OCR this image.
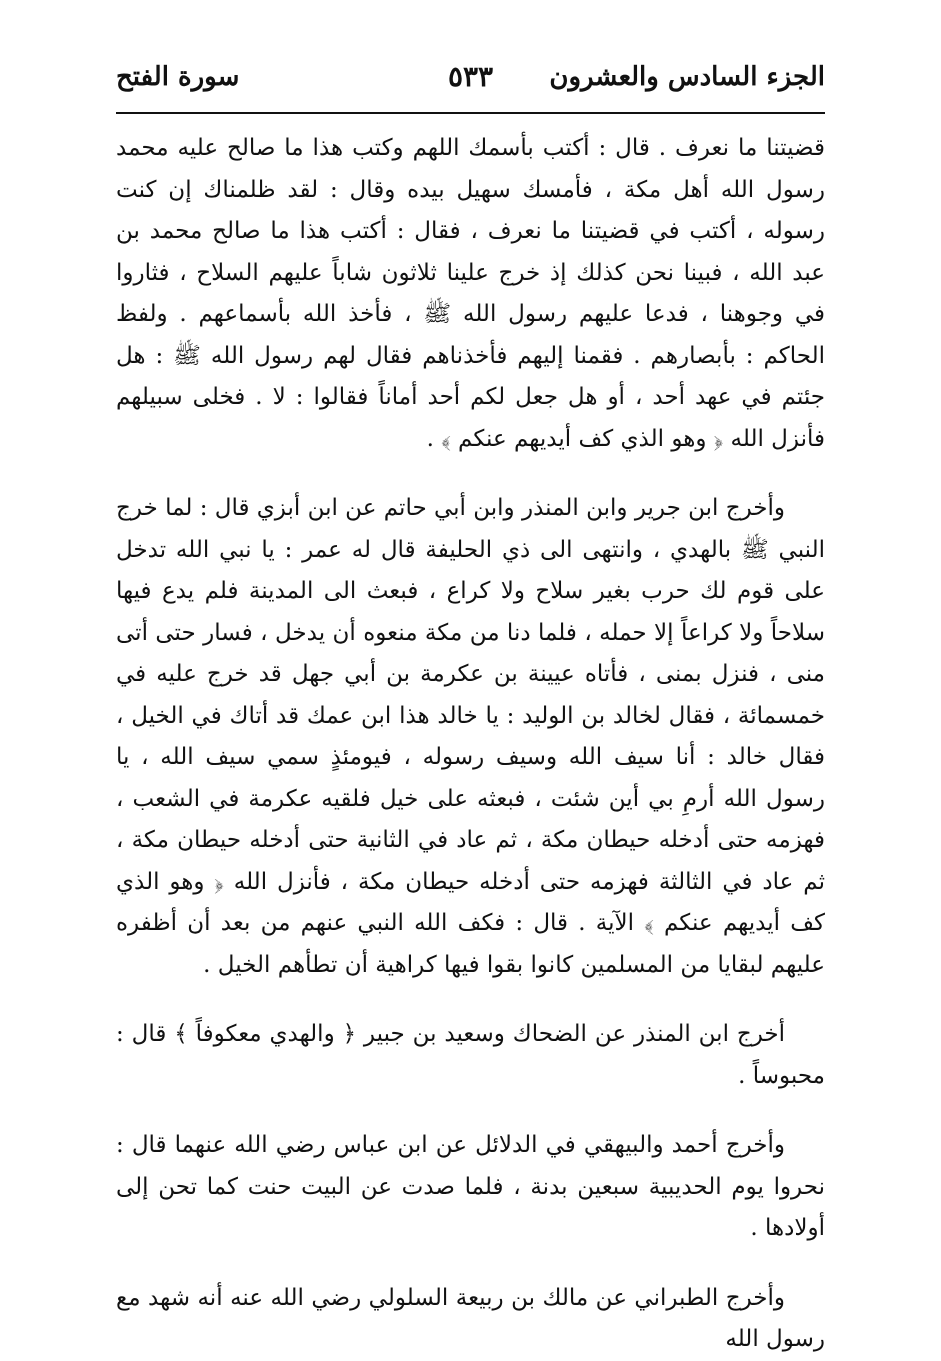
الجزء السادس والعشرون
٥٣٣
سورة الفتح

قضيتنا ما نعرف . قال : أكتب بأسمك اللهم وكتب هذا ما صالح عليه محمد رسول الله أهل مكة ، فأمسك سهيل بيده وقال : لقد ظلمناك إن كنت رسوله ، أكتب في قضيتنا ما نعرف ، فقال : أكتب هذا ما صالح محمد بن عبد الله ، فبينا نحن كذلك إذ خرج علينا ثلاثون شاباً عليهم السلاح ، فثاروا في وجوهنا ، فدعا عليهم رسول الله ﷺ ، فأخذ الله بأسماعهم . ولفظ الحاكم : بأبصارهم . فقمنا إليهم فأخذناهم فقال لهم رسول الله ﷺ : هل جئتم في عهد أحد ، أو هل جعل لكم أحد أماناً فقالوا : لا . فخلى سبيلهم فأنزل الله ﴿ وهو الذي كف أيديهم عنكم ﴾ .

وأخرج ابن جرير وابن المنذر وابن أبي حاتم عن ابن أبزي قال : لما خرج النبي ﷺ بالهدي ، وانتهى الى ذي الحليفة قال له عمر : يا نبي الله تدخل على قوم لك حرب بغير سلاح ولا كراع ، فبعث الى المدينة فلم يدع فيها سلاحاً ولا كراعاً إلا حمله ، فلما دنا من مكة منعوه أن يدخل ، فسار حتى أتى منى ، فنزل بمنى ، فأتاه عيينة بن عكرمة بن أبي جهل قد خرج عليه في خمسمائة ، فقال لخالد بن الوليد : يا خالد هذا ابن عمك قد أتاك في الخيل ، فقال خالد : أنا سيف الله وسيف رسوله ، فيومئذٍ سمي سيف الله ، يا رسول الله أرمِ بي أين شئت ، فبعثه على خيل فلقيه عكرمة في الشعب ، فهزمه حتى أدخله حيطان مكة ، ثم عاد في الثانية حتى أدخله حيطان مكة ، ثم عاد في الثالثة فهزمه حتى أدخله حيطان مكة ، فأنزل الله ﴿ وهو الذي كف أيديهم عنكم ﴾ الآية . قال : فكف الله النبي عنهم من بعد أن أظفره عليهم لبقايا من المسلمين كانوا بقوا فيها كراهية أن تطأهم الخيل .

أخرج ابن المنذر عن الضحاك وسعيد بن جبير ﴿ والهدي معكوفاً ﴾ قال : محبوساً .

وأخرج أحمد والبيهقي في الدلائل عن ابن عباس رضي الله عنهما قال : نحروا يوم الحديبية سبعين بدنة ، فلما صدت عن البيت حنت كما تحن إلى أولادها .

وأخرج الطبراني عن مالك بن ربيعة السلولي رضي الله عنه أنه شهد مع رسول الله
